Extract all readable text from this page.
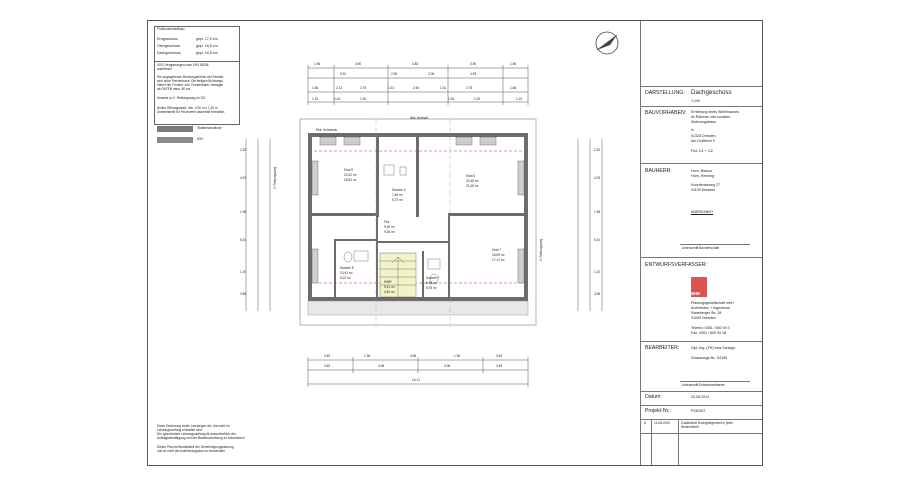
Fußbodenaufbau:
Erdgeschoss	gepl. 17,0 cm
Obergeschoss	gepl. 18,5 cm
Dachgeschoss	gepl. 18,5 cm
USG-Verglasungen nach DIN 18008
ausführen!
Die angegebenen Brüstungshöhen der Fenster
sind ohne Fensterbank. Die fertigen Brüstungs-
höhen der Fenster, inkl. Fensterbank, betragen
ab OKFFB mind. 80 cm.
Hinweis zu 2. Rettungsweg im DG
lichtes Öffnungsmaß, min. 0,90 m x 1,20 m
Anleiterstelle für Feuerwehr dauerhaft freihalten.
Stahlbetonwände
KSV
Diese Zeichnung sowie Leistungen die, die nicht im
Leistungsumfang enthalten sind
Der geschuldete Leistungsumfang ist ausschließlich der
Auftragsbestätigung und der Baubeschreibung zu entnehmen!
Dieser Plan ist Bestandteil der Genehmigungsplanung
und ist nicht als Ausführungsplan zu verwenden!
1.96	3.90	4.83	3.90	1.96
3.91	2.06	2.06	4.93
1.66	2.13	2.75	1.51	2.54	1.51	2.75	1.66
1.19	1.00	1.00	1.00	1.00	1.19
3.45	1.36	4.06	1.36	3.45
3.45	4.06	4.06	3.45
14.12
2.20
4.03
1.96
5.10
1.10
3.56
2.20
4.03
1.96
5.10
1.10
3.56
2. Rettungsweg
2. Rettungsweg
Ebk. Kniestock
Abk. Aufmaß
Kind 5
20,42 m²
18,90 m²
Dusche 4
7,46 m²
5,73 m²
Kind 6
23,48 m²
21,48 m²
Flur
9,30 m²
9,30 m²
Kind 7
18,69 m²
17,12 m²
Dusche 5
10,41 m²
8,22 m²
HWR
5,41 m²
4,81 m²
Dusche 7
8,96 m²
6,93 m²
DARSTELLUNG: Dachgeschoss
1:100
BAUVORHABEN: Errichtung eines Wohnhauses
im Rahmen des sozialen
Wohnungsbaus
in
01328 Dresden
Am Dorfteich 5
Flst: 1/1 + 1/2
BAUHERR:	Horn, Bianca
Horn, Henning
Koordenkeweg 27
01109 Dresden
ANERKANNT
Unterschrift Bauherrschaft
ENTWURFSVERFASSER:
BHB
Planungsgesellschaft mbH
Architekten + Ingenieure
Radeberger Str. 38
01099 Dresden
Telefon: 0351 / 800 94 0
Fax: 0351 / 800 94 18
BEARBEITER:	Dipl.-Ing. (FH) Ines Schlage
Zulassungs-Nr.: 54189
Unterschrift Entwurfsverfasser
Datum:	25.08.2024
Projekt-Nr.:	P230287
A 14.08.2024	Zusätzliche Kochgelegenheit in jeder
Wohneinheit
